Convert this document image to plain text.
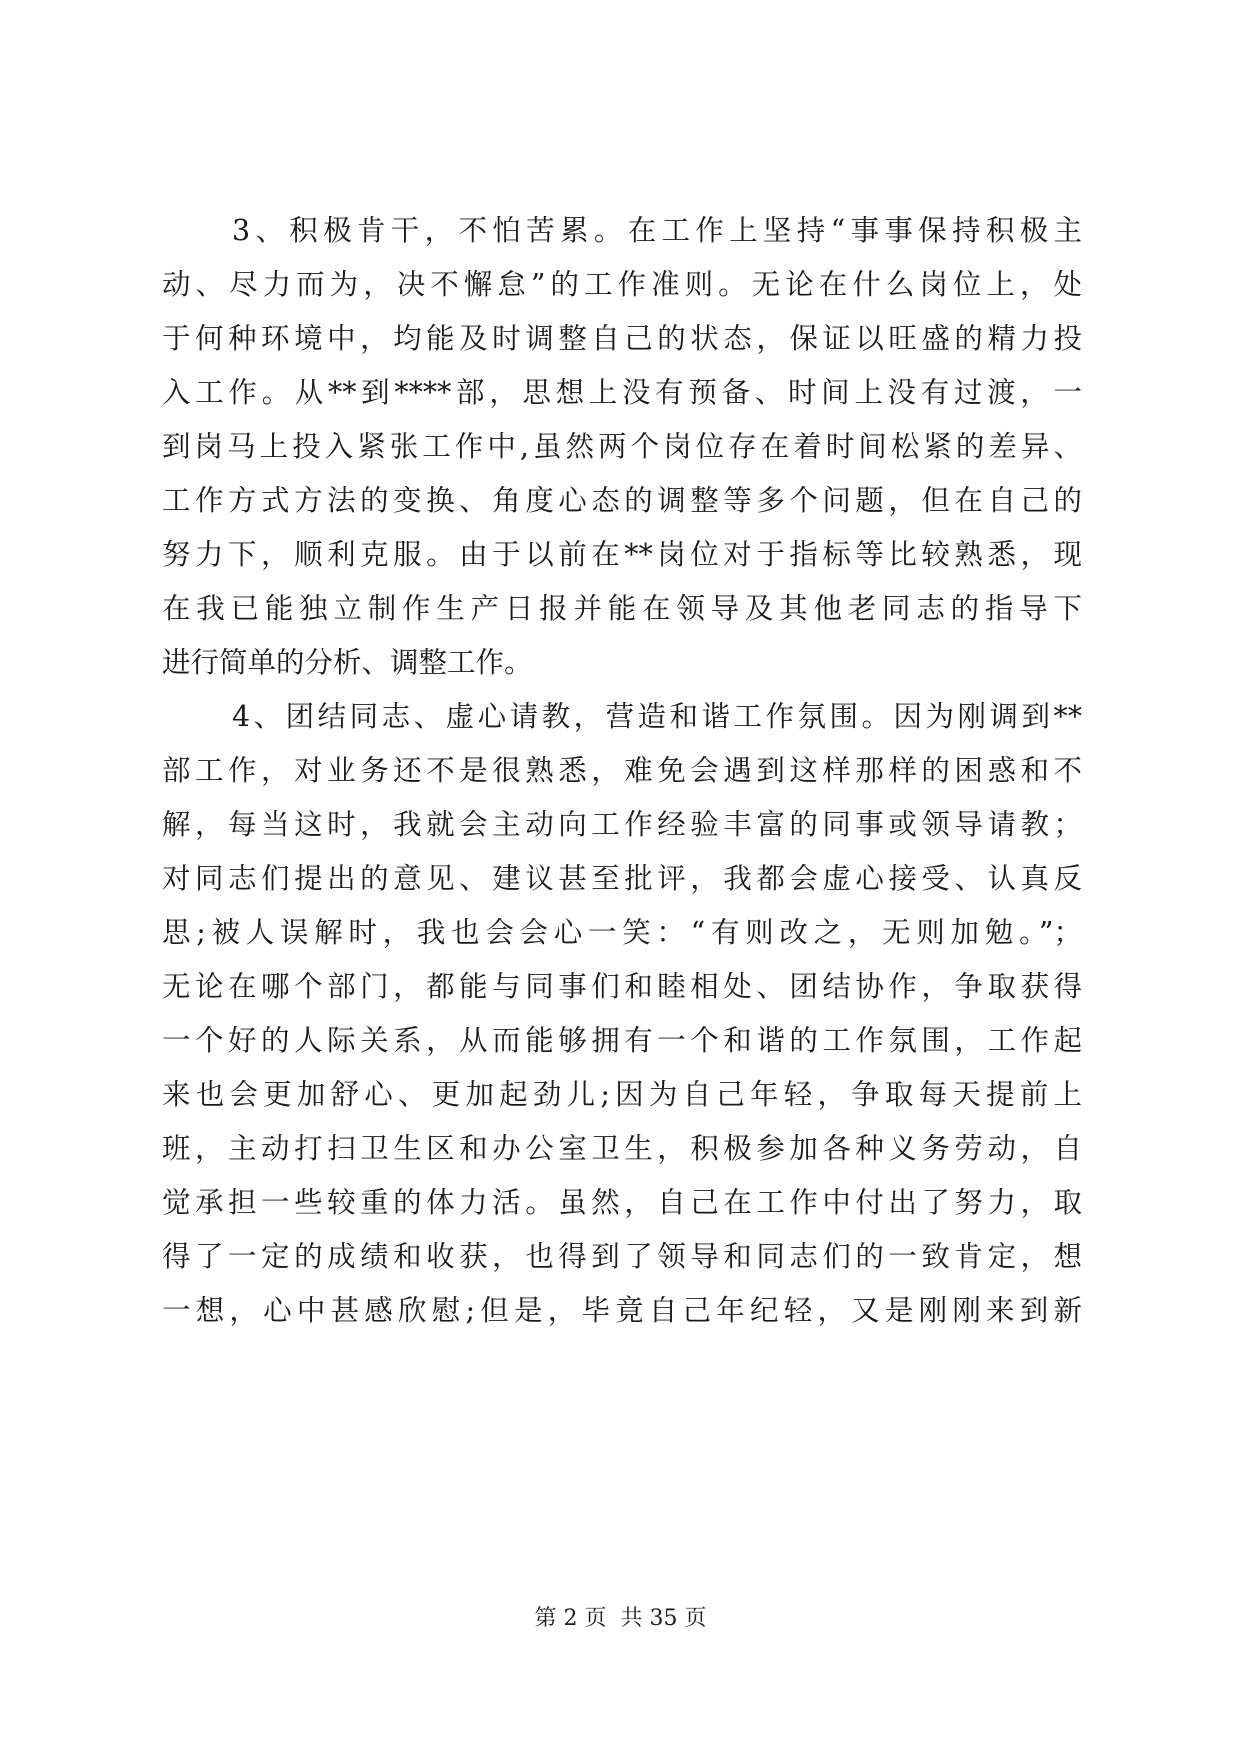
3、积极肯干，不怕苦累。在工作上坚持“事事保持积极主
动、尽力而为，决不懈怠”的工作准则。无论在什么岗位上，处
于何种环境中，均能及时调整自己的状态，保证以旺盛的精力投
入工作。从**到****部，思想上没有预备、时间上没有过渡，一
到岗马上投入紧张工作中,虽然两个岗位存在着时间松紧的差异、
工作方式方法的变换、角度心态的调整等多个问题，但在自己的
努力下，顺利克服。由于以前在**岗位对于指标等比较熟悉，现
在我已能独立制作生产日报并能在领导及其他老同志的指导下
进行简单的分析、调整工作。
4、团结同志、虚心请教，营造和谐工作氛围。因为刚调到**
部工作，对业务还不是很熟悉，难免会遇到这样那样的困惑和不
解，每当这时，我就会主动向工作经验丰富的同事或领导请教；
对同志们提出的意见、建议甚至批评，我都会虚心接受、认真反
思;被人误解时，我也会会心一笑：“有则改之，无则加勉。”；
无论在哪个部门，都能与同事们和睦相处、团结协作，争取获得
一个好的人际关系，从而能够拥有一个和谐的工作氛围，工作起
来也会更加舒心、更加起劲儿;因为自己年轻，争取每天提前上
班，主动打扫卫生区和办公室卫生，积极参加各种义务劳动，自
觉承担一些较重的体力活。虽然，自己在工作中付出了努力，取
得了一定的成绩和收获，也得到了领导和同志们的一致肯定，想
一想，心中甚感欣慰;但是，毕竟自己年纪轻，又是刚刚来到新
第 2 页  共 35 页
